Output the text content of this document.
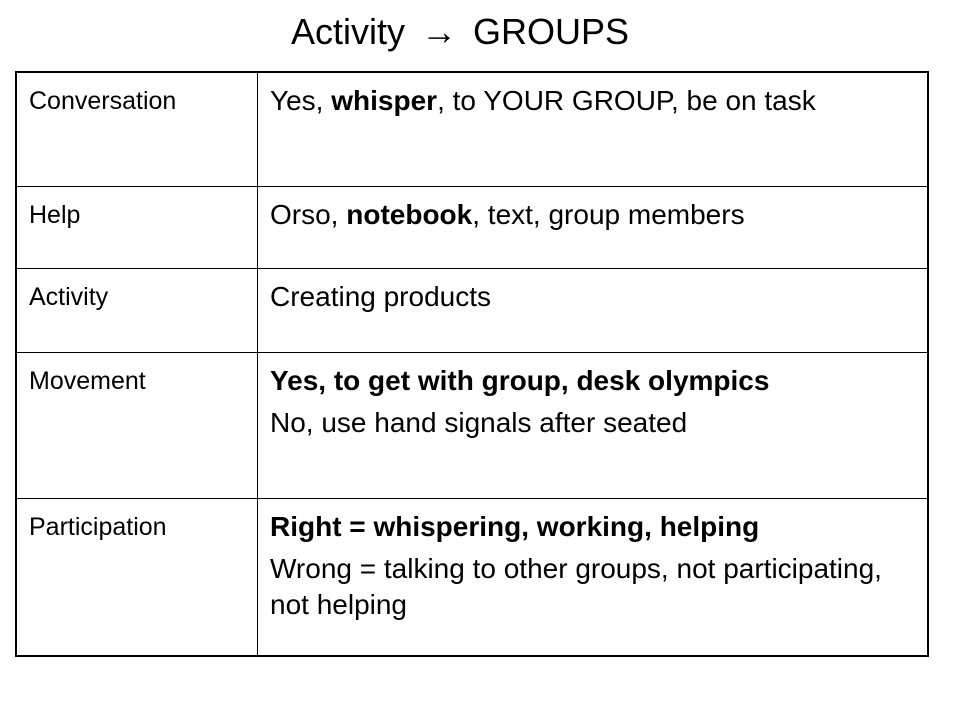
Activity → GROUPS
Conversation	Yes, whisper, to YOUR GROUP, be on task
Help	Orso, notebook, text, group members
Activity	Creating products
Movement	Yes, to get with group, desk olympics

No, use hand signals after seated

Participation	Right = whispering, working, helping

Wrong = talking to other groups, not participating, not helping
